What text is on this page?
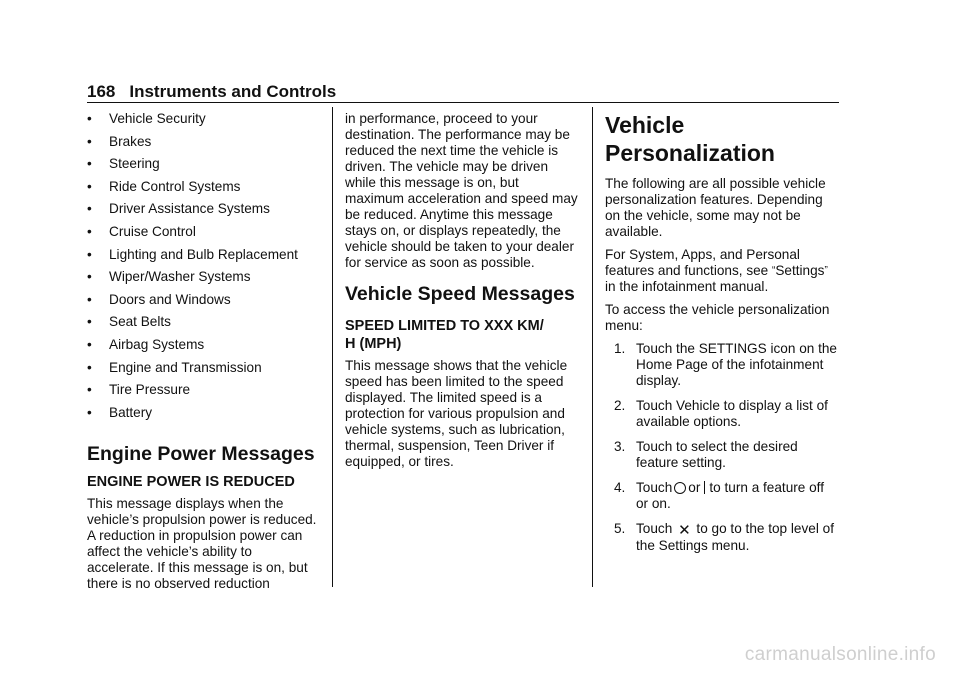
168 Instruments and Controls
• Vehicle Security
• Brakes
• Steering
• Ride Control Systems
• Driver Assistance Systems
• Cruise Control
• Lighting and Bulb Replacement
• Wiper/Washer Systems
• Doors and Windows
• Seat Belts
• Airbag Systems
• Engine and Transmission
• Tire Pressure
• Battery
Engine Power Messages
ENGINE POWER IS REDUCED

This message displays when the vehicle’s propulsion power is reduced. A reduction in propulsion power can affect the vehicle’s ability to accelerate. If this message is on, but there is no observed reduction

in performance, proceed to your destination. The performance may be reduced the next time the vehicle is driven. The vehicle may be driven while this message is on, but maximum acceleration and speed may be reduced. Anytime this message stays on, or displays repeatedly, the vehicle should be taken to your dealer for service as soon as possible.

Vehicle Speed Messages
SPEED LIMITED TO XXX KM/
H (MPH)

This message shows that the vehicle speed has been limited to the speed displayed. The limited speed is a protection for various propulsion and vehicle systems, such as lubrication, thermal, suspension, Teen Driver if equipped, or tires.

Vehicle
Personalization

The following are all possible vehicle personalization features. Depending on the vehicle, some may not be available.

For System, Apps, and Personal features and functions, see “Settings” in the infotainment manual.

To access the vehicle personalization menu:

1. Touch the SETTINGS icon on the Home Page of the infotainment display.
2. Touch Vehicle to display a list of available options.
3. Touch to select the desired feature setting.
4. Touch or to turn a feature off or on.
5. Touch ✕ to go to the top level of the Settings menu.
carmanualsonline.info
